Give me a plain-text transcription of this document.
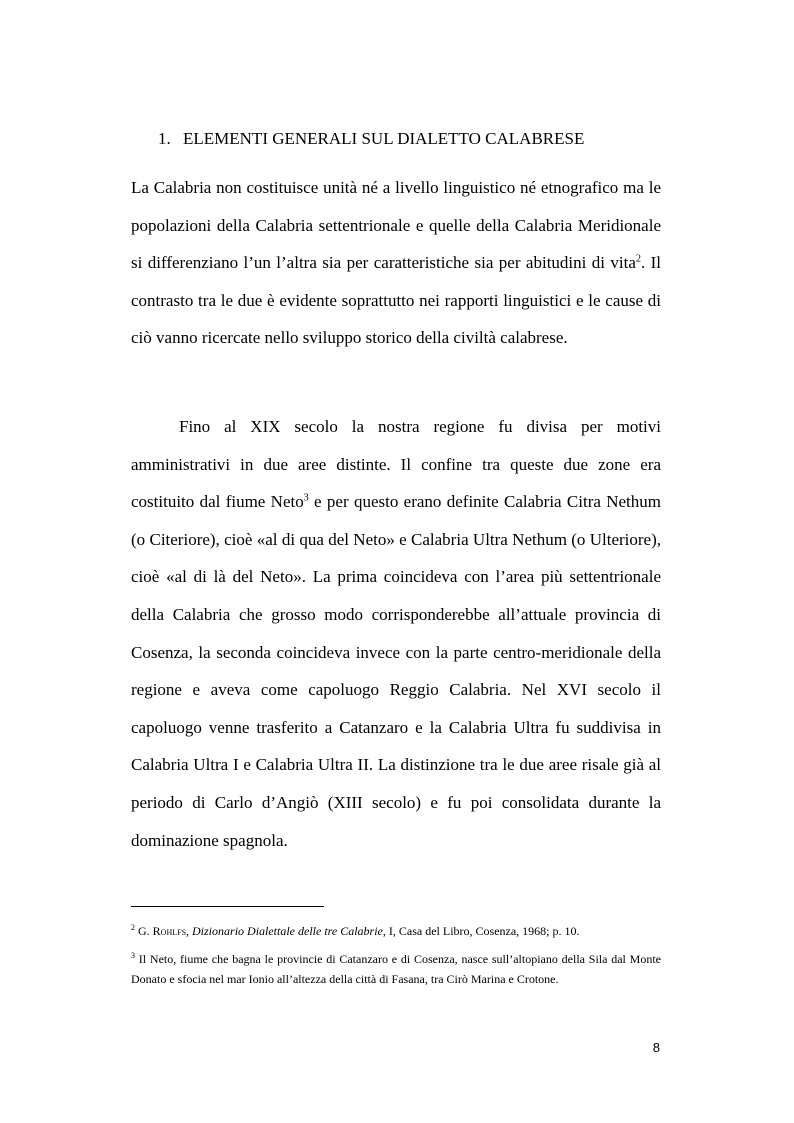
1. ELEMENTI GENERALI SUL DIALETTO CALABRESE

La Calabria non costituisce unità né a livello linguistico né etnografico ma le popolazioni della Calabria settentrionale e quelle della Calabria Meridionale si differenziano l’un l’altra sia per caratteristiche sia per abitudini di vita$^2$. Il contrasto tra le due è evidente soprattutto nei rapporti linguistici e le cause di ciò vanno ricercate nello sviluppo storico della civiltà calabrese.

Fino al XIX secolo la nostra regione fu divisa per motivi amministrativi in due aree distinte. Il confine tra queste due zone era costituito dal fiume Neto$^3$ e per questo erano definite Calabria Citra Nethum (o Citeriore), cioè «al di qua del Neto» e Calabria Ultra Nethum (o Ulteriore), cioè «al di là del Neto». La prima coincideva con l’area più settentrionale della Calabria che grosso modo corrisponderebbe all’attuale provincia di Cosenza, la seconda coincideva invece con la parte centro-meridionale della regione e aveva come capoluogo Reggio Calabria. Nel XVI secolo il capoluogo venne trasferito a Catanzaro e la Calabria Ultra fu suddivisa in Calabria Ultra I e Calabria Ultra II. La distinzione tra le due aree risale già al periodo di Carlo d’Angiò (XIII secolo) e fu poi consolidata durante la dominazione spagnola.

$^2$ G. Rohlfs, Dizionario Dialettale delle tre Calabrie, I, Casa del Libro, Cosenza, 1968; p. 10.

$^3$ Il Neto, fiume che bagna le provincie di Catanzaro e di Cosenza, nasce sull’altopiano della Sila dal Monte Donato e sfocia nel mar Ionio all’altezza della città di Fasana, tra Cirò Marina e Crotone.

8
